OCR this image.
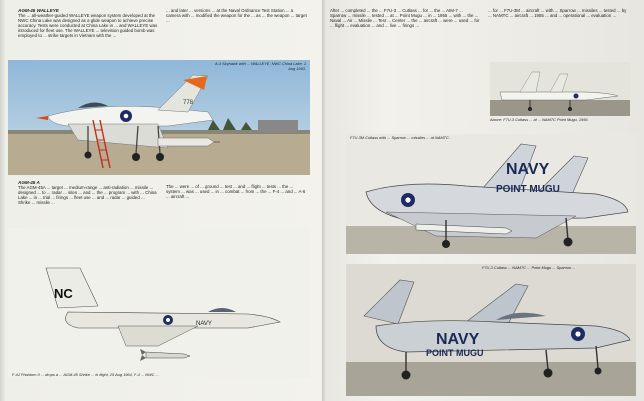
AGM-45 WALLEYE
The ... all-weather-guided WALLEYE weapon system developed at the NWC China Lake was designed as a glide weapon to achieve precise accuracy. Tests were conducted at China Lake in ... and WALLEYE was introduced for fleet use. The WALLEYE ... television guided bomb was employed to ... strike targets in Vietnam with the ...
... and later ... versions ... at the Naval Ordnance Test Station ... a camera with ... modified the weapon for the ... as ... the weapon ... target ...
778
A-4 Skyhawk with ... WALLEYE, NWC China Lake, 1 Aug 1963.
AGM-45 A
The AGM-45A ... target ... medium-range ... anti-radiation ... missile ... designed ... to ... radar ... sites ... and ... the ... program ... with ... China Lake ... in ... trial ... firings ... fleet use ... and ... radar ... guided ... Shrike ... missile ...
The ... were ... of ... ground ... test ... and ... flight ... tests ... the ... system ... was ... used ... in ... combat ... from ... the ... F-4 ... and ... A-6 ... aircraft ...
NC
NAVY
F-4J Phantom II ... drops a ... AGM-45 Shrike ... in flight, 25 Aug 1964, F-4 ... NWC ...
After ... completed ... the ... F7U-3 ... Cutlass ... for ... the ... AIM-7 ... Sparrow ... missile ... tested ... at ... Point Mugu ... in ... 1955 ... with ... the ... Naval ... Air ... Missile ... Test ... Center ... the ... aircraft ... were ... used ... for ... flight ... evaluation ... and ... live ... firings ...
... for ... F7U-3M ... aircraft ... with ... Sparrow ... missiles ... tested ... by ... NAMTC ... aircraft ... 1955 ... and ... operational ... evaluation ...
Above: F7U-3 Cutlass ... at ... NAMTC Point Mugu, 1956.
NAVY
POINT MUGU
F7U-3M Cutlass with ... Sparrow ... missiles ... at NAMTC.
NAVY
POINT MUGU
F7U-3 Cutlass ... NAMTC ... Point Mugu ... Sparrow ...
